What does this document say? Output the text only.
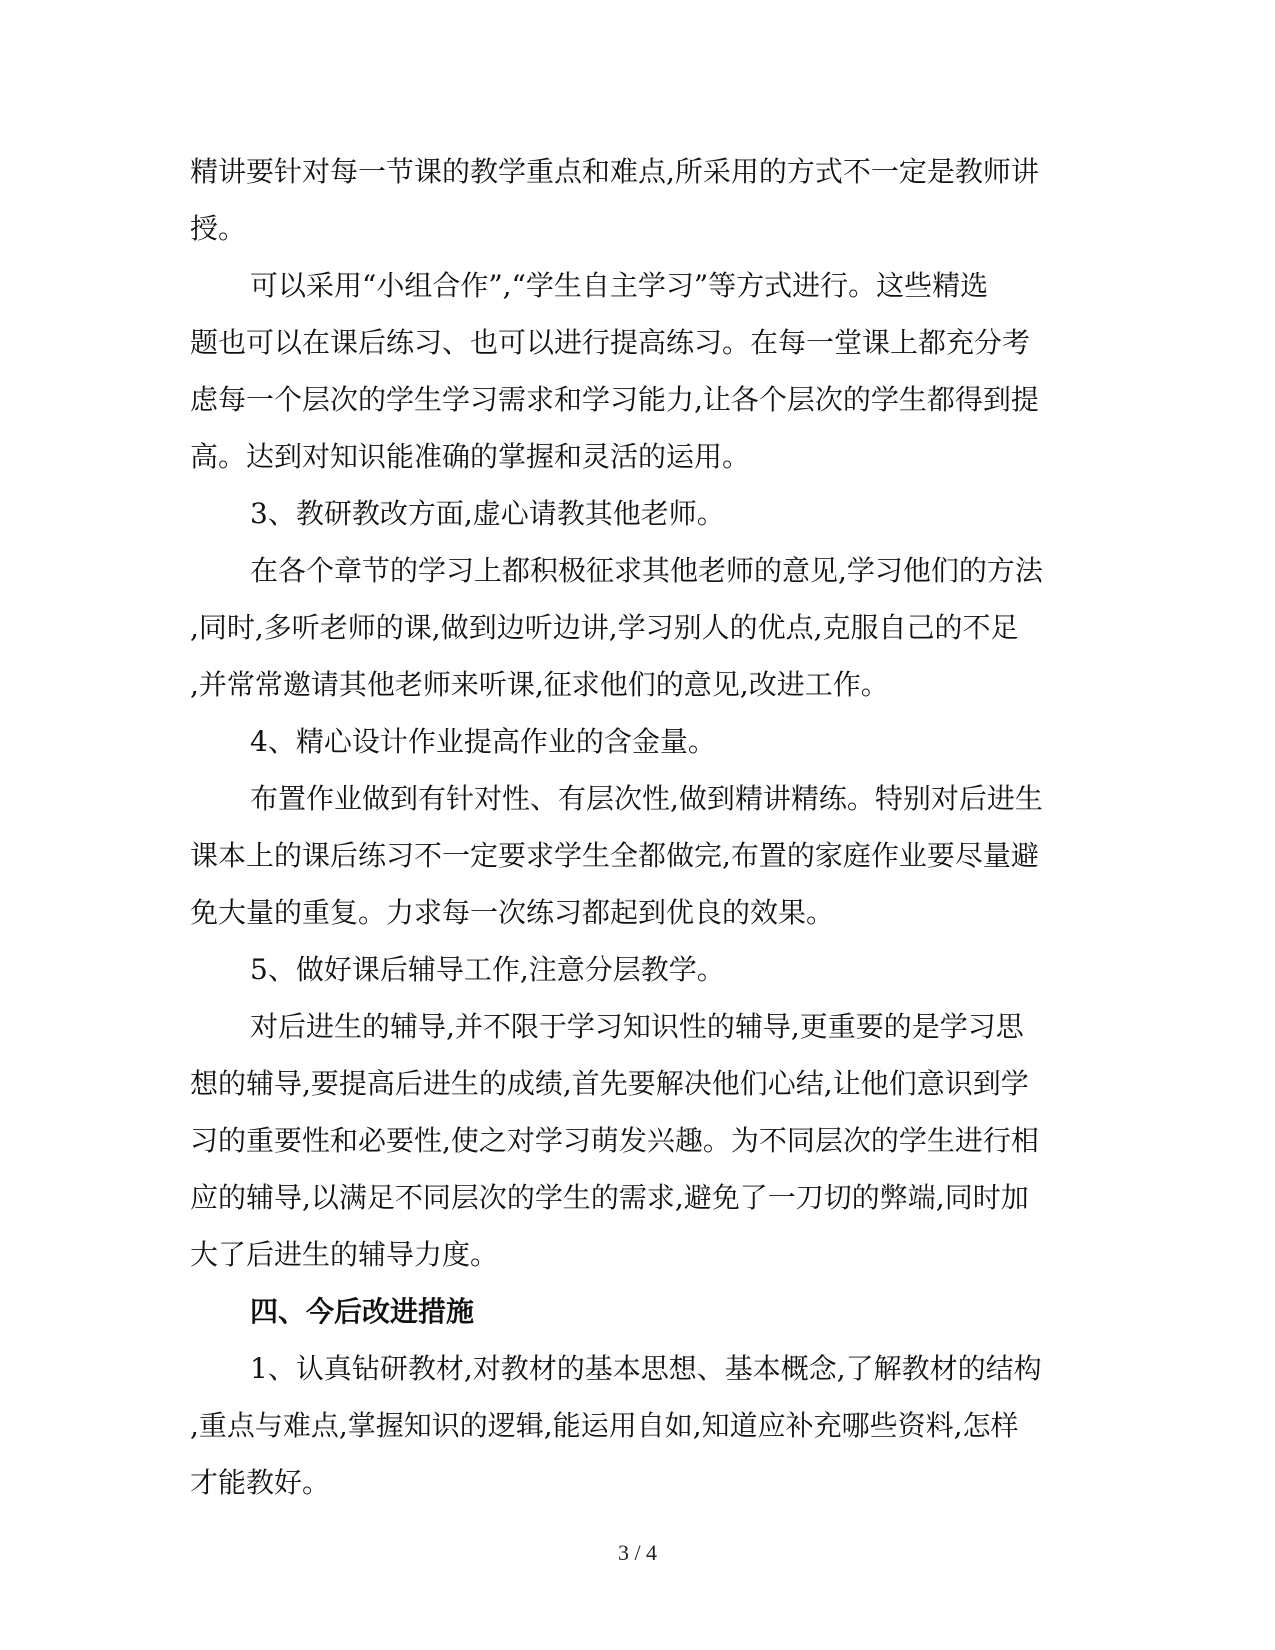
精讲要针对每一节课的教学重点和难点,所采用的方式不一定是教师讲
授。
可以采用“小组合作”,“学生自主学习”等方式进行。这些精选
题也可以在课后练习、也可以进行提高练习。在每一堂课上都充分考
虑每一个层次的学生学习需求和学习能力,让各个层次的学生都得到提
高。达到对知识能准确的掌握和灵活的运用。
3、教研教改方面,虚心请教其他老师。
在各个章节的学习上都积极征求其他老师的意见,学习他们的方法
,同时,多听老师的课,做到边听边讲,学习别人的优点,克服自己的不足
,并常常邀请其他老师来听课,征求他们的意见,改进工作。
4、精心设计作业提高作业的含金量。
布置作业做到有针对性、有层次性,做到精讲精练。特别对后进生
课本上的课后练习不一定要求学生全都做完,布置的家庭作业要尽量避
免大量的重复。力求每一次练习都起到优良的效果。
5、做好课后辅导工作,注意分层教学。
对后进生的辅导,并不限于学习知识性的辅导,更重要的是学习思
想的辅导,要提高后进生的成绩,首先要解决他们心结,让他们意识到学
习的重要性和必要性,使之对学习萌发兴趣。为不同层次的学生进行相
应的辅导,以满足不同层次的学生的需求,避免了一刀切的弊端,同时加
大了后进生的辅导力度。
四、今后改进措施
1、认真钻研教材,对教材的基本思想、基本概念,了解教材的结构
,重点与难点,掌握知识的逻辑,能运用自如,知道应补充哪些资料,怎样
才能教好。
3 / 4
